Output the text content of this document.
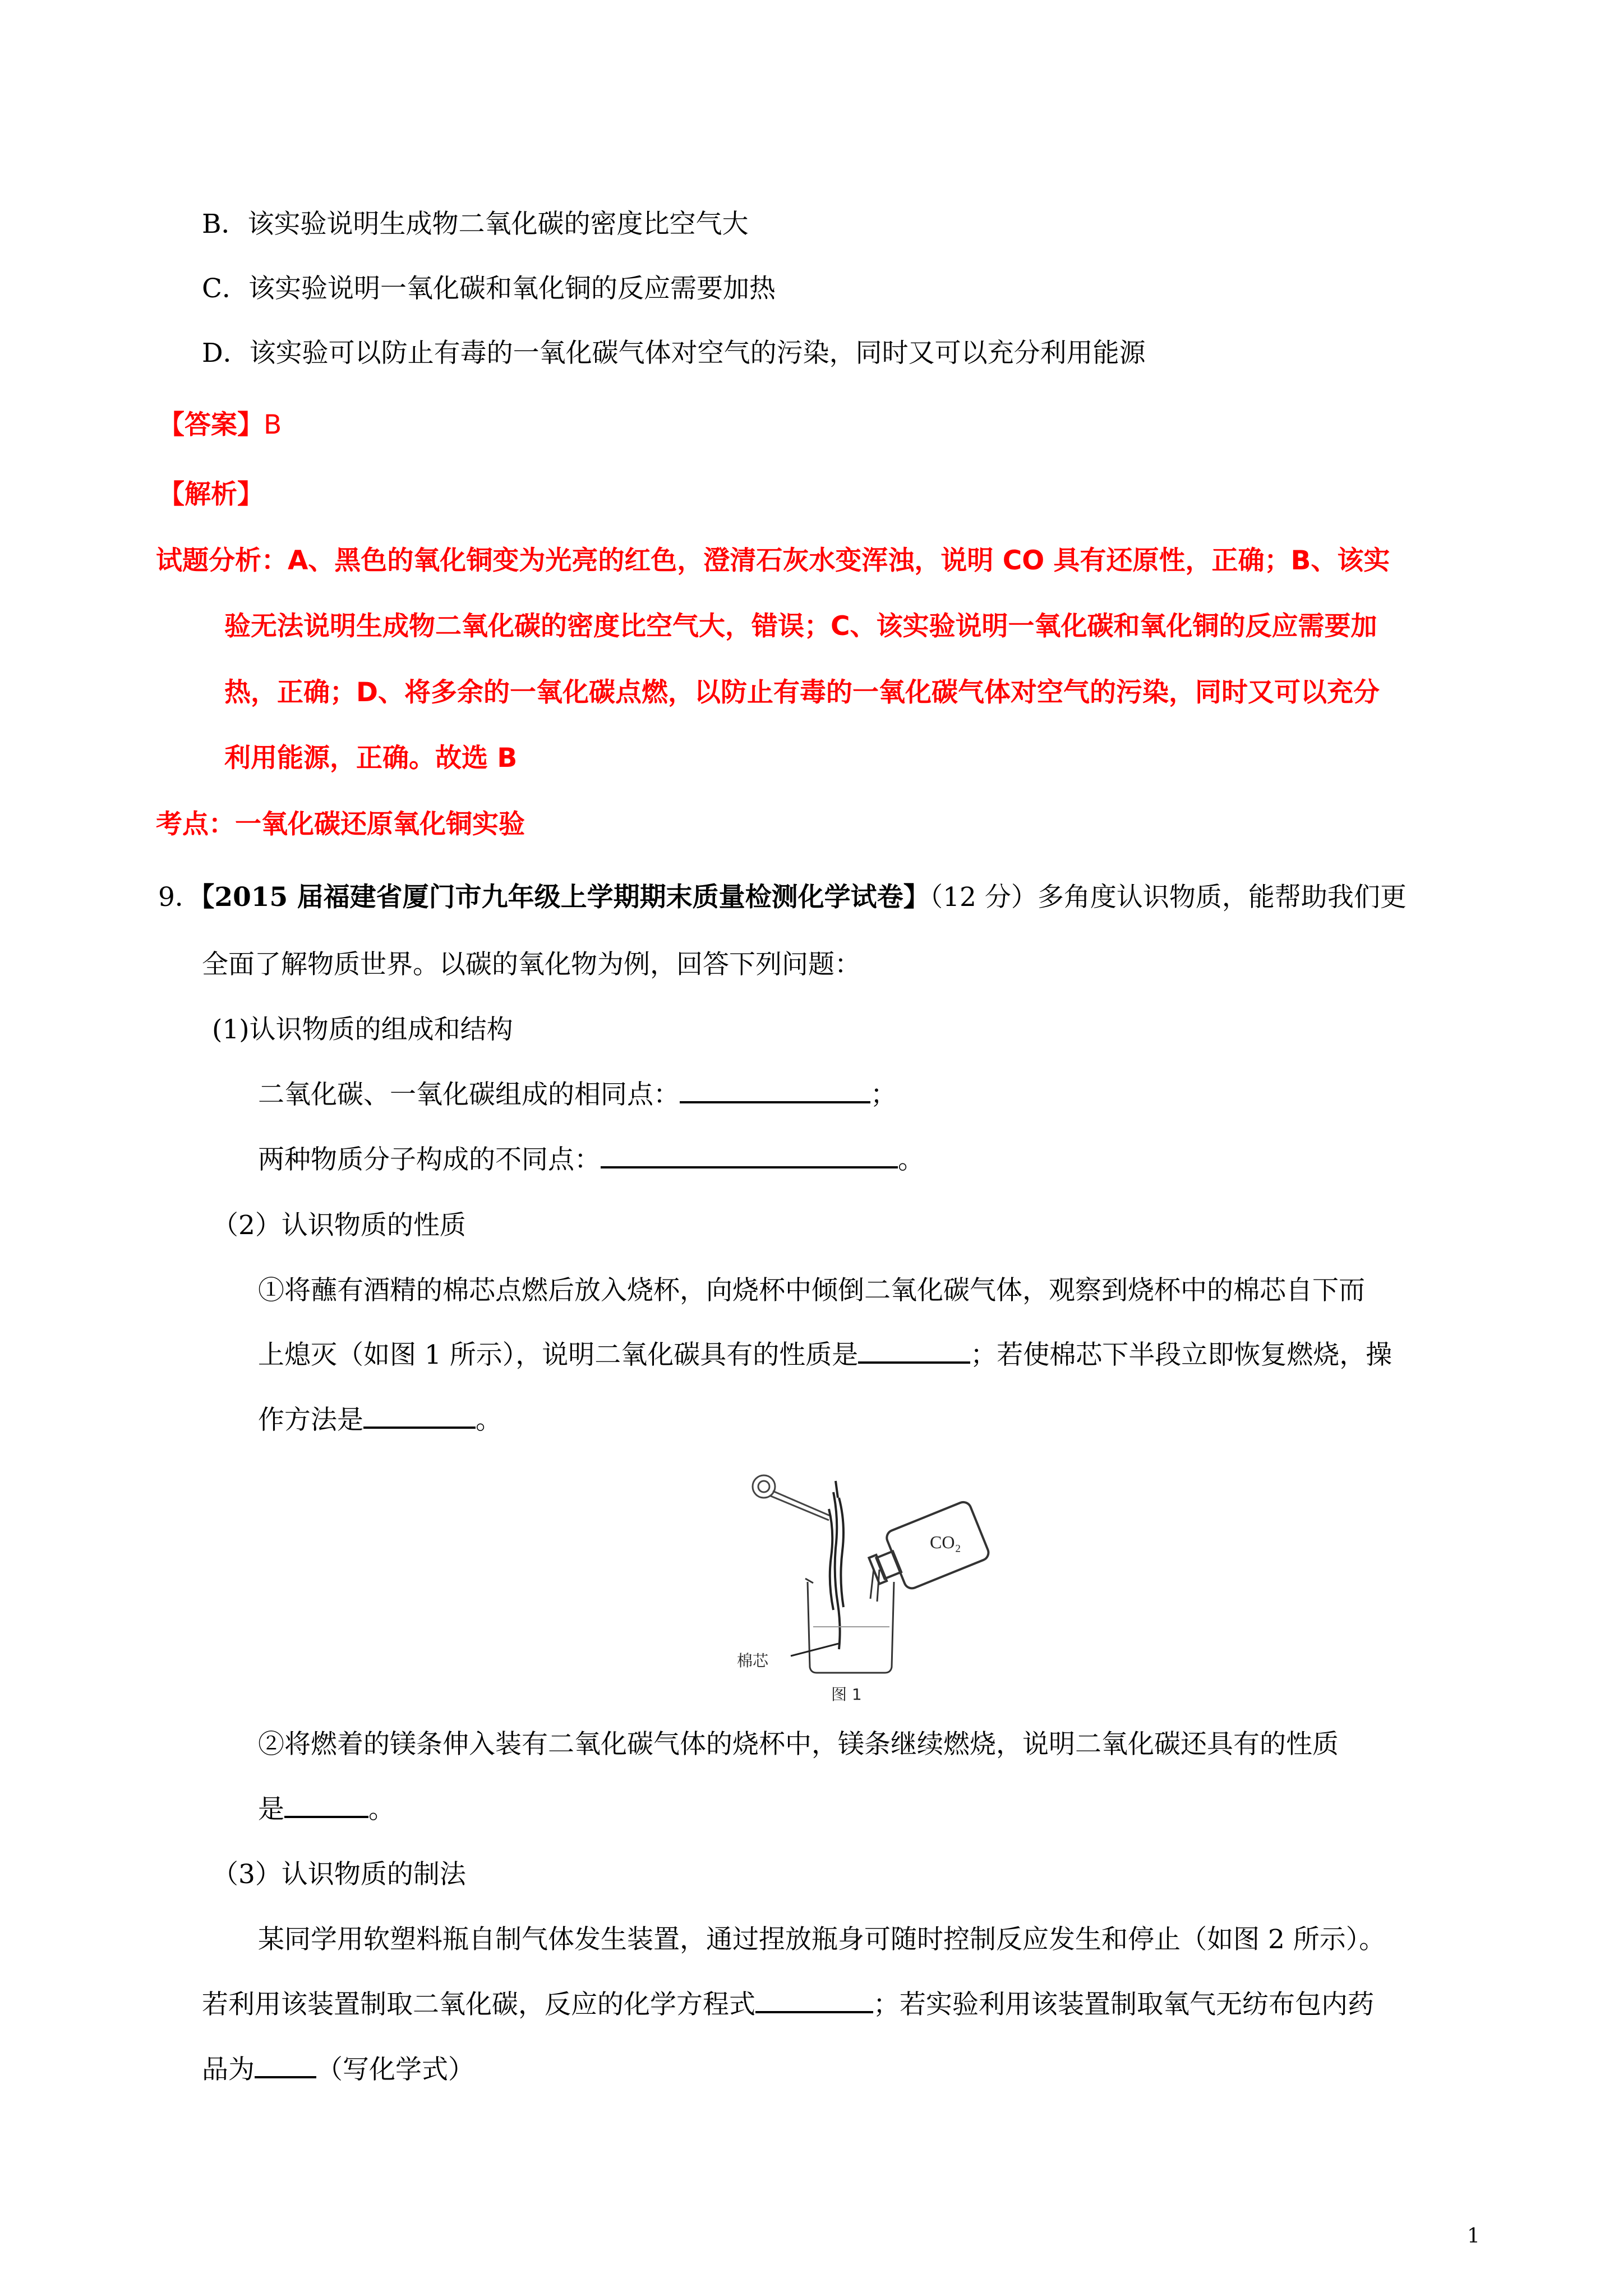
B．该实验说明生成物二氧化碳的密度比空气大
C．该实验说明一氧化碳和氧化铜的反应需要加热
D．该实验可以防止有毒的一氧化碳气体对空气的污染，同时又可以充分利用能源
【答案】B
【解析】
试题分析：A、黑色的氧化铜变为光亮的红色，澄清石灰水变浑浊，说明 CO 具有还原性，正确；B、该实
验无法说明生成物二氧化碳的密度比空气大，错误；C、该实验说明一氧化碳和氧化铜的反应需要加
热，正确；D、将多余的一氧化碳点燃，以防止有毒的一氧化碳气体对空气的污染，同时又可以充分
利用能源，正确。故选 B
考点：一氧化碳还原氧化铜实验
9．【2015 届福建省厦门市九年级上学期期末质量检测化学试卷】（12 分）多角度认识物质，能帮助我们更
全面了解物质世界。以碳的氧化物为例，回答下列问题：
(1)认识物质的组成和结构
二氧化碳、一氧化碳组成的相同点：	；
两种物质分子构成的不同点：	。
（2）认识物质的性质
①将蘸有酒精的棉芯点燃后放入烧杯，向烧杯中倾倒二氧化碳气体，观察到烧杯中的棉芯自下而
上熄灭（如图 1 所示），说明二氧化碳具有的性质是	；若使棉芯下半段立即恢复燃烧，操
作方法是	。
CO₂
棉芯
图 1
②将燃着的镁条伸入装有二氧化碳气体的烧杯中，镁条继续燃烧，说明二氧化碳还具有的性质
是	。
（3）认识物质的制法
某同学用软塑料瓶自制气体发生装置，通过捏放瓶身可随时控制反应发生和停止（如图 2 所示）。
若利用该装置制取二氧化碳，反应的化学方程式	；若实验利用该装置制取氧气无纺布包内药
品为 （写化学式）
1
